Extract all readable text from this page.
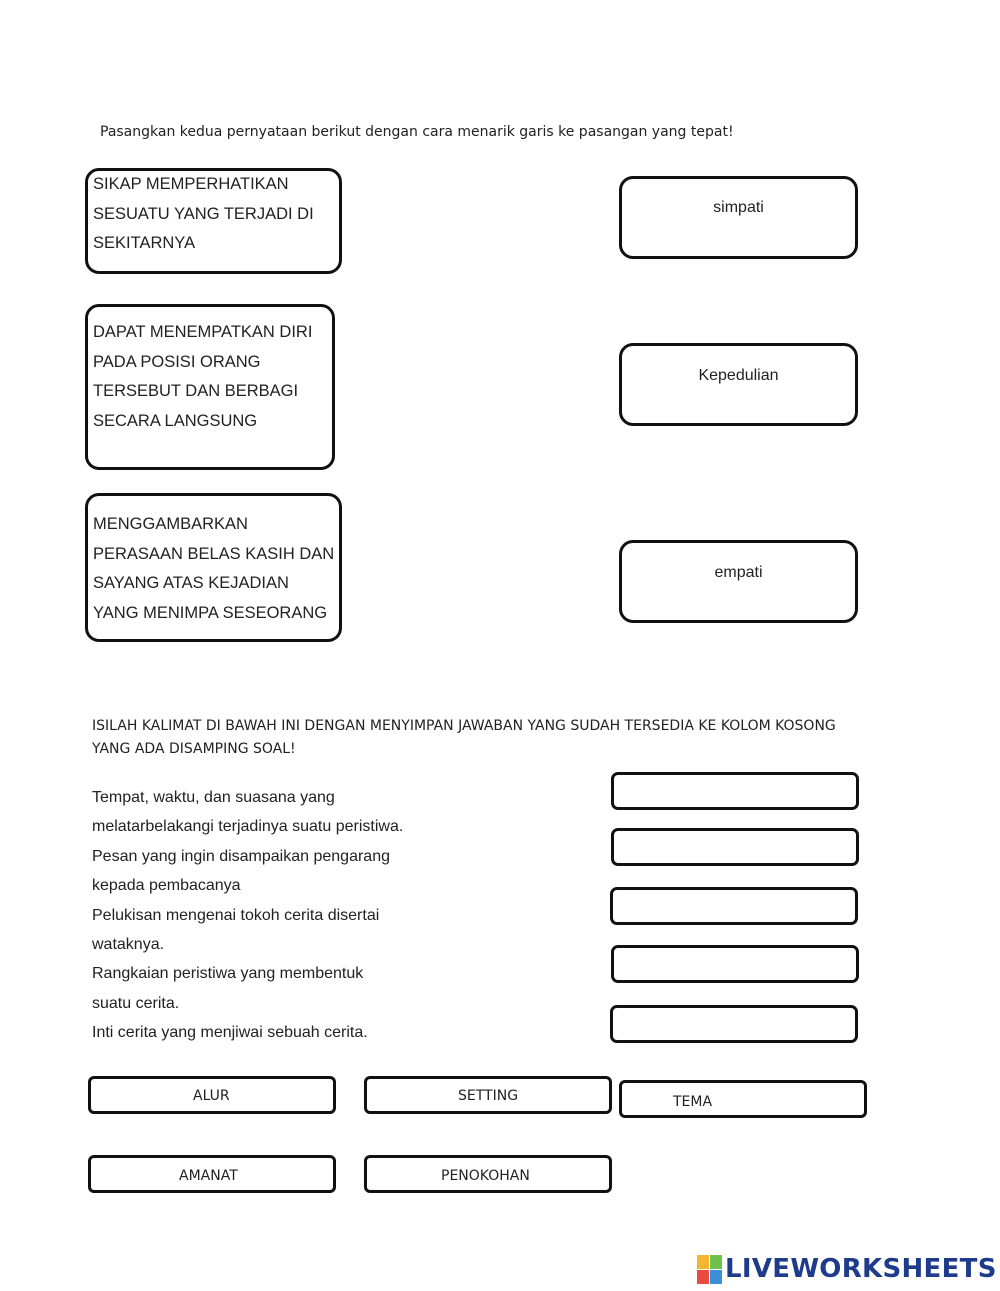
Pasangkan kedua pernyataan berikut dengan cara menarik garis ke pasangan yang tepat!
SIKAP MEMPERHATIKAN
SESUATU YANG TERJADI DI
SEKITARNYA
DAPAT MENEMPATKAN DIRI
PADA POSISI ORANG
TERSEBUT DAN BERBAGI
SECARA LANGSUNG
MENGGAMBARKAN
PERASAAN BELAS KASIH DAN
SAYANG ATAS KEJADIAN
YANG MENIMPA SESEORANG
simpati
Kepedulian
empati
ISILAH KALIMAT DI BAWAH INI DENGAN MENYIMPAN JAWABAN YANG SUDAH TERSEDIA KE KOLOM KOSONG
YANG ADA DISAMPING SOAL!
Tempat, waktu, dan suasana yang
melatarbelakangi terjadinya suatu peristiwa.
Pesan yang ingin disampaikan pengarang
kepada pembacanya
Pelukisan mengenai tokoh cerita disertai
wataknya.
Rangkaian peristiwa yang membentuk
suatu cerita.
Inti cerita yang menjiwai sebuah cerita.
ALUR	SETTING	TEMA
AMANAT	PENOKOHAN
LIVEWORKSHEETS
